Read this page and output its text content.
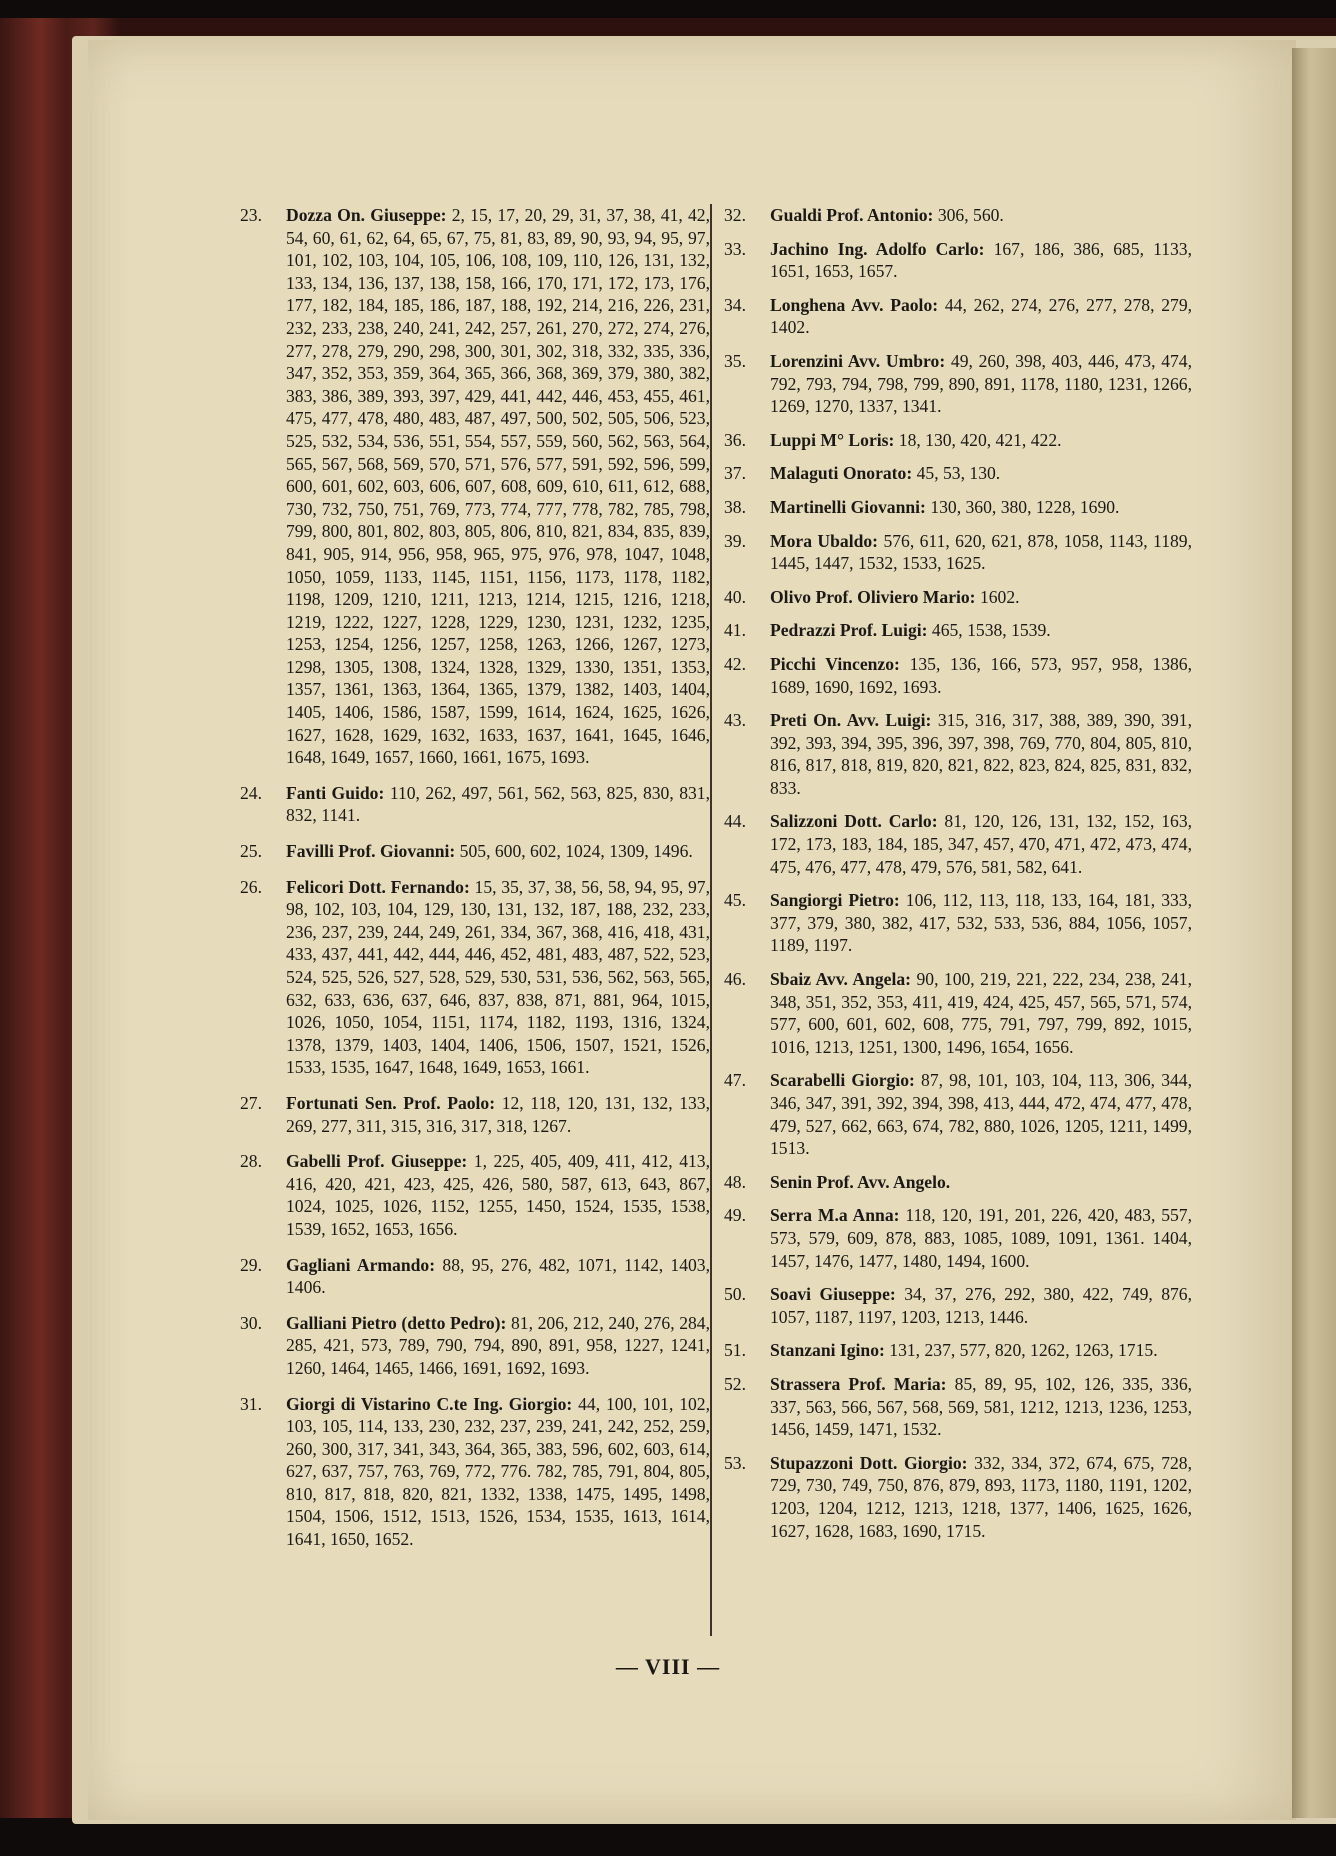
23. Dozza On. Giuseppe: 2, 15, 17, 20, 29, 31, 37, 38, 41, 42, 54, 60, 61, 62, 64, 65, 67, 75, 81, 83, 89, 90, 93, 94, 95, 97, 101, 102, 103, 104, 105, 106, 108, 109, 110, 126, 131, 132, 133, 134, 136, 137, 138, 158, 166, 170, 171, 172, 173, 176, 177, 182, 184, 185, 186, 187, 188, 192, 214, 216, 226, 231, 232, 233, 238, 240, 241, 242, 257, 261, 270, 272, 274, 276, 277, 278, 279, 290, 298, 300, 301, 302, 318, 332, 335, 336, 347, 352, 353, 359, 364, 365, 366, 368, 369, 379, 380, 382, 383, 386, 389, 393, 397, 429, 441, 442, 446, 453, 455, 461, 475, 477, 478, 480, 483, 487, 497, 500, 502, 505, 506, 523, 525, 532, 534, 536, 551, 554, 557, 559, 560, 562, 563, 564, 565, 567, 568, 569, 570, 571, 576, 577, 591, 592, 596, 599, 600, 601, 602, 603, 606, 607, 608, 609, 610, 611, 612, 688, 730, 732, 750, 751, 769, 773, 774, 777, 778, 782, 785, 798, 799, 800, 801, 802, 803, 805, 806, 810, 821, 834, 835, 839, 841, 905, 914, 956, 958, 965, 975, 976, 978, 1047, 1048, 1050, 1059, 1133, 1145, 1151, 1156, 1173, 1178, 1182, 1198, 1209, 1210, 1211, 1213, 1214, 1215, 1216, 1218, 1219, 1222, 1227, 1228, 1229, 1230, 1231, 1232, 1235, 1253, 1254, 1256, 1257, 1258, 1263, 1266, 1267, 1273, 1298, 1305, 1308, 1324, 1328, 1329, 1330, 1351, 1353, 1357, 1361, 1363, 1364, 1365, 1379, 1382, 1403, 1404, 1405, 1406, 1586, 1587, 1599, 1614, 1624, 1625, 1626, 1627, 1628, 1629, 1632, 1633, 1637, 1641, 1645, 1646, 1648, 1649, 1657, 1660, 1661, 1675, 1693.
24. Fanti Guido: 110, 262, 497, 561, 562, 563, 825, 830, 831, 832, 1141.
25. Favilli Prof. Giovanni: 505, 600, 602, 1024, 1309, 1496.
26. Felicori Dott. Fernando: 15, 35, 37, 38, 56, 58, 94, 95, 97, 98, 102, 103, 104, 129, 130, 131, 132, 187, 188, 232, 233, 236, 237, 239, 244, 249, 261, 334, 367, 368, 416, 418, 431, 433, 437, 441, 442, 444, 446, 452, 481, 483, 487, 522, 523, 524, 525, 526, 527, 528, 529, 530, 531, 536, 562, 563, 565, 632, 633, 636, 637, 646, 837, 838, 871, 881, 964, 1015, 1026, 1050, 1054, 1151, 1174, 1182, 1193, 1316, 1324, 1378, 1379, 1403, 1404, 1406, 1506, 1507, 1521, 1526, 1533, 1535, 1647, 1648, 1649, 1653, 1661.
27. Fortunati Sen. Prof. Paolo: 12, 118, 120, 131, 132, 133, 269, 277, 311, 315, 316, 317, 318, 1267.
28. Gabelli Prof. Giuseppe: 1, 225, 405, 409, 411, 412, 413, 416, 420, 421, 423, 425, 426, 580, 587, 613, 643, 867, 1024, 1025, 1026, 1152, 1255, 1450, 1524, 1535, 1538, 1539, 1652, 1653, 1656.
29. Gagliani Armando: 88, 95, 276, 482, 1071, 1142, 1403, 1406.
30. Galliani Pietro (detto Pedro): 81, 206, 212, 240, 276, 284, 285, 421, 573, 789, 790, 794, 890, 891, 958, 1227, 1241, 1260, 1464, 1465, 1466, 1691, 1692, 1693.
31. Giorgi di Vistarino C.te Ing. Giorgio: 44, 100, 101, 102, 103, 105, 114, 133, 230, 232, 237, 239, 241, 242, 252, 259, 260, 300, 317, 341, 343, 364, 365, 383, 596, 602, 603, 614, 627, 637, 757, 763, 769, 772, 776. 782, 785, 791, 804, 805, 810, 817, 818, 820, 821, 1332, 1338, 1475, 1495, 1498, 1504, 1506, 1512, 1513, 1526, 1534, 1535, 1613, 1614, 1641, 1650, 1652.
32. Gualdi Prof. Antonio: 306, 560.
33. Jachino Ing. Adolfo Carlo: 167, 186, 386, 685, 1133, 1651, 1653, 1657.
34. Longhena Avv. Paolo: 44, 262, 274, 276, 277, 278, 279, 1402.
35. Lorenzini Avv. Umbro: 49, 260, 398, 403, 446, 473, 474, 792, 793, 794, 798, 799, 890, 891, 1178, 1180, 1231, 1266, 1269, 1270, 1337, 1341.
36. Luppi M° Loris: 18, 130, 420, 421, 422.
37. Malaguti Onorato: 45, 53, 130.
38. Martinelli Giovanni: 130, 360, 380, 1228, 1690.
39. Mora Ubaldo: 576, 611, 620, 621, 878, 1058, 1143, 1189, 1445, 1447, 1532, 1533, 1625.
40. Olivo Prof. Oliviero Mario: 1602.
41. Pedrazzi Prof. Luigi: 465, 1538, 1539.
42. Picchi Vincenzo: 135, 136, 166, 573, 957, 958, 1386, 1689, 1690, 1692, 1693.
43. Preti On. Avv. Luigi: 315, 316, 317, 388, 389, 390, 391, 392, 393, 394, 395, 396, 397, 398, 769, 770, 804, 805, 810, 816, 817, 818, 819, 820, 821, 822, 823, 824, 825, 831, 832, 833.
44. Salizzoni Dott. Carlo: 81, 120, 126, 131, 132, 152, 163, 172, 173, 183, 184, 185, 347, 457, 470, 471, 472, 473, 474, 475, 476, 477, 478, 479, 576, 581, 582, 641.
45. Sangiorgi Pietro: 106, 112, 113, 118, 133, 164, 181, 333, 377, 379, 380, 382, 417, 532, 533, 536, 884, 1056, 1057, 1189, 1197.
46. Sbaiz Avv. Angela: 90, 100, 219, 221, 222, 234, 238, 241, 348, 351, 352, 353, 411, 419, 424, 425, 457, 565, 571, 574, 577, 600, 601, 602, 608, 775, 791, 797, 799, 892, 1015, 1016, 1213, 1251, 1300, 1496, 1654, 1656.
47. Scarabelli Giorgio: 87, 98, 101, 103, 104, 113, 306, 344, 346, 347, 391, 392, 394, 398, 413, 444, 472, 474, 477, 478, 479, 527, 662, 663, 674, 782, 880, 1026, 1205, 1211, 1499, 1513.
48. Senin Prof. Avv. Angelo.
49. Serra M.a Anna: 118, 120, 191, 201, 226, 420, 483, 557, 573, 579, 609, 878, 883, 1085, 1089, 1091, 1361. 1404, 1457, 1476, 1477, 1480, 1494, 1600.
50. Soavi Giuseppe: 34, 37, 276, 292, 380, 422, 749, 876, 1057, 1187, 1197, 1203, 1213, 1446.
51. Stanzani Igino: 131, 237, 577, 820, 1262, 1263, 1715.
52. Strassera Prof. Maria: 85, 89, 95, 102, 126, 335, 336, 337, 563, 566, 567, 568, 569, 581, 1212, 1213, 1236, 1253, 1456, 1459, 1471, 1532.
53. Stupazzoni Dott. Giorgio: 332, 334, 372, 674, 675, 728, 729, 730, 749, 750, 876, 879, 893, 1173, 1180, 1191, 1202, 1203, 1204, 1212, 1213, 1218, 1377, 1406, 1625, 1626, 1627, 1628, 1683, 1690, 1715.
— VIII —
